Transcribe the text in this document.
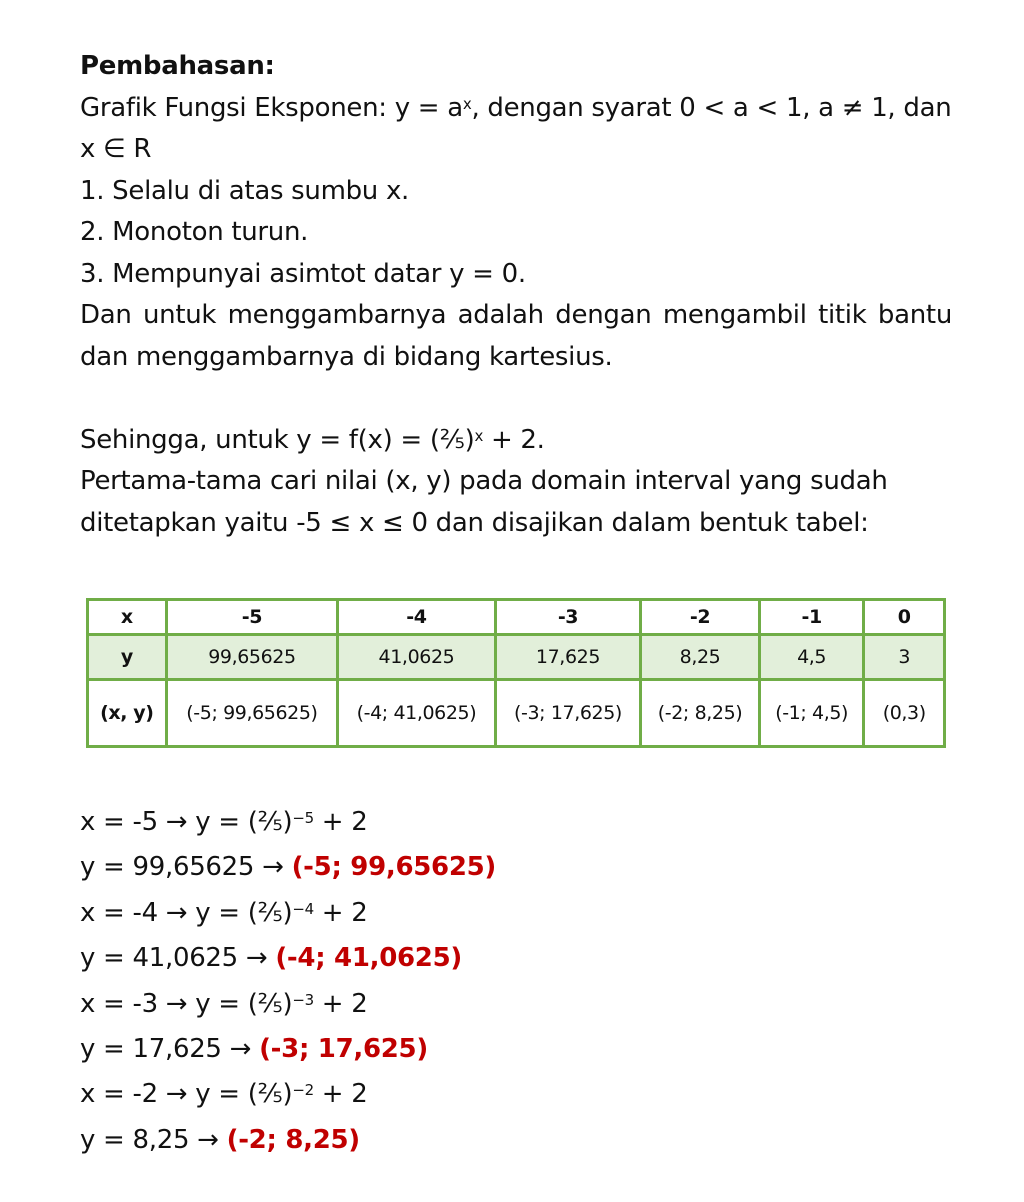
Pembahasan:
Grafik Fungsi Eksponen: $y = a^x$, dengan syarat 0 < a < 1, a ≠ 1, dan
x ∈ R
1. Selalu di atas sumbu x.
2. Monoton turun.
3. Mempunyai asimtot datar y = 0.
Dan untuk menggambarnya adalah dengan mengambil titik bantu dan menggambarnya di bidang kartesius.
Sehingga, untuk y = f(x) = (⅖)$^x$ + 2.
Pertama-tama cari nilai (x, y) pada domain interval yang sudah
ditetapkan yaitu -5 ≤ x ≤ 0 dan disajikan dalam bentuk tabel:
x	-5	-4	-3	-2	-1	0
y	99,65625	41,0625	17,625	8,25	4,5	3
(x, y)	(-5; 99,65625)	(-4; 41,0625)	(-3; 17,625)	(-2; 8,25)	(-1; 4,5)	(0,3)
x = -5 → y = (⅖)$^{-5}$ + 2
y = 99,65625 → (-5; 99,65625)
x = -4 → y = (⅖)$^{-4}$ + 2
y = 41,0625 → (-4; 41,0625)
x = -3 → y = (⅖)$^{-3}$ + 2
y = 17,625 → (-3; 17,625)
x = -2 → y = (⅖)$^{-2}$ + 2
y = 8,25 → (-2; 8,25)
